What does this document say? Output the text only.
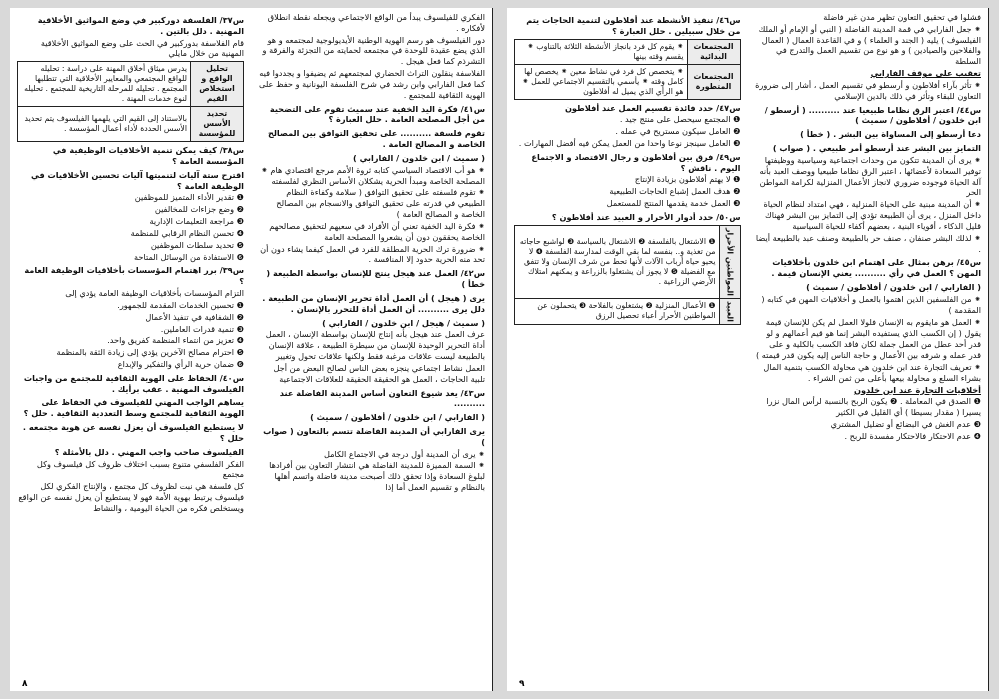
س٣٧/ الفلسفة دوركبير في وضع المواثيق الأخلاقية المهنية . دلل بالتين .

قام الفلاسفة بدوركبير في الحث على وضع المواثيق الأخلاقية المهنية من خلال مايلي

تحليل الواقع و استخلاص القيم	يدرس ميثاق أخلاق المهنة على دراسة : تحليله للواقع المجتمعي والمعايير الأخلاقية التي تتطلبها المجتمع . تحليله للمرحلة التاريخية للمجتمع . تحليله لنوع خدمات المهنة .
تحديد الأسس للمؤسسة	بالاستناد إلى القيم التي يلهمها الفيلسوف يتم تحديد الأسس الحددة لأداء أعمال المؤسسة .

س٣٨/ كيف يمكن تنمية الأخلاقيات الوظيفية في المؤسسة العامة ؟

اقترح ستة آليات لتنميتها آليات تحسين الأخلاقيات في الوظيفة العامة ؟

❶ تقدير الأداء المتميز للموظفين

❷ وضع جزاءات للمخالفين

❸ مراجعة التعليمات الإدارية

❹ تحسن النظام الرقابي للمنظمة

❺ تحديد سلطات الموظفين

❻ الاستفادة من الوسائل المتاحة

س٣٩/ برر اهتمام المؤسسات بأخلاقيات الوظيفة العامة ؟

التزام المؤسسات بأخلاقيات الوظيفة العامة يؤدي إلى

❶ تحسين الخدمات المقدمة للجمهور.

❷ الشفافية في تنفيذ الأعمال

❸ تنمية قدرات العاملين.

❹ تعزيز من انتماء المنظمة كفريق واحد.

❺ احترام مصالح الآخرين يؤدي إلى زيادة الثقة بالمنظمة

❻ ضمان حرية الرأي والتفكير والإبداع

س٤٠/ الحفاظ على الهوية الثقافية للمجتمع من واجبات الفيلسوف المهنية . عقب برأيك .

يساهم الواجب المهني للفيلسوف في الحفاظ على الهوية الثقافية للمجتمع وسط التعددية الثقافية . حلل ؟

لا يستطيع الفيلسوف أن يعزل نفسه عن هوية مجتمعه . حلل ؟

الفيلسوف صاحب واجب المهني . دلل بالأمثلة ؟

الفكر الفلسفي متنوع بسبب اختلاف ظروف كل فيلسوف وكل مجتمع

كل فلسفة هي نبت لظروف كل مجتمع ، والإنتاج الفكري لكل فيلسوف يرتبط بهوية الأمة فهو لا يستطيع أن يعزل نفسه عن الواقع ويستخلص فكره من الحياة اليومية ، والنشاط

الفكري للفيلسوف يبدأ من الواقع الاجتماعي ويجعله نقطة انطلاق لأفكاره .

دور الفيلسوف هو رسم الهوية الوطنية الأيديولوجية لمجتمعه و هو الذي يضع عقيدة للوحدة في مجتمعه لحمايته من التجزئة والفرقة و التشرذم كما فعل هيجل .

الفلاسفة ينقلون التراث الحضاري لمجتمعهم ثم يضيفوا و يجددوا فيه كما فعل الفارابي وابن رشد في شرح الفلسفة اليونانية و حفظ على الهوية الثقافية للمجتمع .

س٤١/ فكرة اليد الخفية عند سميث تقوم على التضحية من أجل المصلحة العامة . حلل العبارة ؟

تقوم فلسفة .......... على تحقيق التوافق بين المصالح الخاصة و المصالح العامة .

( سميث / ابن خلدون / الفارابي )

⁕ هو أب الاقتصاد السياسي كتابه ثروة الأمم مرجع اقتصادي هام ⁕ المصلحة الخاصة ومبدأ الحرية يشكلان الأساس النظري لفلسفته

⁕ تقوم فلسفته على تحقيق التوافق ( سلامة وكفاءة النظام الطبيعي في قدرته على تحقيق التوافق والانسجام بين المصالح الخاصة و المصالح العامة )

⁕ فكرة اليد الخفية تعني أن الأفراد في سعيهم لتحقيق مصالحهم الخاصة يحققون دون أن يشعروا المصلحة العامة

⁕ ضرورة ترك الحرية المطلقة للفرد في العمل كيفما يشاء دون أن تحد منه الحرية حدود إلا المنافسة .

س٤٢/ العمل عند هيجل ينتج للإنسان بواسطة الطبيعة ( خطأ )

يرى ( هيجل ) أن العمل أداة تحرير الإنسان من الطبيعة . دلل يرى .......... أن العمل أداة للتحرر بالإنسان .

( سميث / هيجل / ابن خلدون / الفارابي )

عرف العمل عند هيجل بأنه إنتاج للإنسان بواسطة الإنسان ، العمل أداة التحرير الوحيدة للإنسان من سيطرة الطبيعة ، علاقة الإنسان بالطبيعة ليست علاقات مرغبة فقط ولكنها علاقات تحول وتغيير

العمل نشاط اجتماعي ينجزه بعض الناس لصالح البعض من أجل تلبية الحاجات ، العمل هو الحقيقة الحقيقة للعلاقات الاجتماعية

س٤٣/ يعد شيوع التعاون أساس المدينة الفاضلة عند ..........

( الفارابي / ابن خلدون / أفلاطون / سميث )

يرى الفارابي أن المدينة الفاضلة تتسم بالتعاون ( صواب )

⁕ يرى أن المدينة أول درجة في الاجتماع الكامل

⁕ السمة المميزة للمدينة الفاضلة هي انتشار التعاون بين أفرادها لبلوغ السعادة وإذا تحقق ذلك أصبحت مدينة فاضلة واتسم أهلها بالنظام و تقسيم العمل أما إذا

٨

س٤٦/ تنفيذ الأنشطة عند أفلاطون لتنمية الحاجات يتم من خلال سبيلين . حلل العبارة ؟

المجتمعات البدائية	⁕ يقوم كل فرد بانجاز الأنشطة الثلاثة بالتناوب ⁕ يقسم وقته بينها
المجتمعات المتطورة	⁕ يتخصص كل فرد في نشاط معين ⁕ يخصص لها كامل وقته ⁕ يأسمي بالتقسيم الاجتماعي للعمل ⁕ هو الرأي الذي يميل له أفلاطون

س٤٧/ حدد فائدة تقسيم العمل عند أفلاطون

❶ المجتمع سيحصل على منتج جيد .

❷ العامل سيكون مستريح في عمله .

❸ العامل سينجز نوعا واحدا من العمل يمكن فيه أفضل المهارات .

س٤٩/ فرق بين أفلاطون و رجال الاقتصاد و الاجتماع اليوم . ناقش ؟

❶ لا يهتم أفلاطون بزيادة الإنتاج

❷ هدف العمل إشباع الحاجات الطبيعية

❸ العمل خدمة يقدمها المنتج للمستعمل

س٥٠/ حدد أدوار الأحرار و العبيد عند أفلاطون ؟

المواطنين الأحرار	❶ الاشتغال بالفلسفة ❷ الاشتغال بالسياسة ❸ لواشبع حاجاته من تغذية و.. بنفسه لما بقي الوقت لمدارسة الفلسفة ❹ لا يحيو حياة أرباب الآلات لأنها تحط من شرف الإنسان ولا تتفق مع الفضيلة ❺ لا يجوز أن يشتغلوا بالزراعة و يمكنهم امتلاك الأرضي الزراعية .
العبيد	❶ الأعمال المنزلية ❷ يشتغلون بالفلاحة ❸ يتحملون عن المواطنين الأحرار أعباء تحصيل الرزق

فشلوا في تحقيق التعاون تظهر مدن غير فاضلة

⁕ جعل الفارابي في قمة المدينة الفاضلة ( النبي أو الإمام أو الملك الفيلسوف ) يليه ( الجند و العلماء ) و في القاعدة العمال ( العمال والفلاحين والصيادين ) و هو نوع من تقسيم العمل والتدرج في السلطة

تعقيب على موقف الفارابي

⁕ تأثر بآراء أفلاطون و أرسطو في تقسيم العمل ، أشار إلى ضرورة التعاون للبقاء وتأثر في ذلك بالدين الإسلامي

س٤٤/ اعتبر الرق نظاما طبيعيا عند .......... ( أرسطو / ابن خلدون / أفلاطون / سميث )

دعا أرسطو إلى المساواة بين البشر . ( خطأ )

التمايز بين البشر عند أرسطو أمر طبيعي . ( صواب )

⁕ يرى أن المدينة تتكون من وحدات اجتماعية وسياسية ووظيفتها توفير السعادة لأعضائها ، اعتبر الرق نظاما طبيعيا ووصف العبد بأنه آلة الحياة فوجوده ضروري لانجاز الأعمال المنزلية لكرامة المواطن الحر

⁕ أن المدينة مبنية على الحياة المنزلية ، فهي امتداد لنظام الحياة داخل المنزل ، يرى أن الطبيعة تؤدي إلى التمايز بين البشر فهناك قليل الذكاء ، أقوياء البنية ، بعضهم أكفاء للحياة السياسية

⁕ لذلك البشر صنفان ، صنف حر بالطبيعة وصنف عبد بالطبيعة أيضا .

س٤٥/ برهن بمثال على اهتمام ابن خلدون بأخلاقيات المهن ؟ العمل في رأي .......... يعني الإنسان قيمة .

( الفارابي / ابن خلدون / أفلاطون / سميث )

⁕ من الفلسفين الذين اهتموا بالعمل و أخلاقيات المهن في كتابه ( المقدمة )

⁕ العمل هو مايقوم به الإنسان فلولا العمل لم يكن للإنسان قيمة

يقول ( إن الكسب الذي يستفيده البشر إنما هو قيم أعمالهم و لو قدر أحد عطل من العمل جملة لكان فاقد الكسب بالكلية و على قدر عمله و شرفه بين الأعمال و حاجة الناس إليه يكون قدر قيمته )

⁕ تعريف التجارة عند ابن خلدون هي محاولة الكسب بتنمية المال بشراء السلع و محاولة بيعها بأعلى من ثمن الشراء .

أخلاقيات التجارة عند ابن خلدون

❶ الصدق في المعاملة . ❷ يكون الربح بالنسبة لرأس المال نزرا يسيرا ( مقدار بسيطا ) أي القليل في الكثير

❸ عدم الغش في البضائع أو تضليل المشتري

❹ عدم الاحتكار فالاحتكار مفسدة للربح .

٩
